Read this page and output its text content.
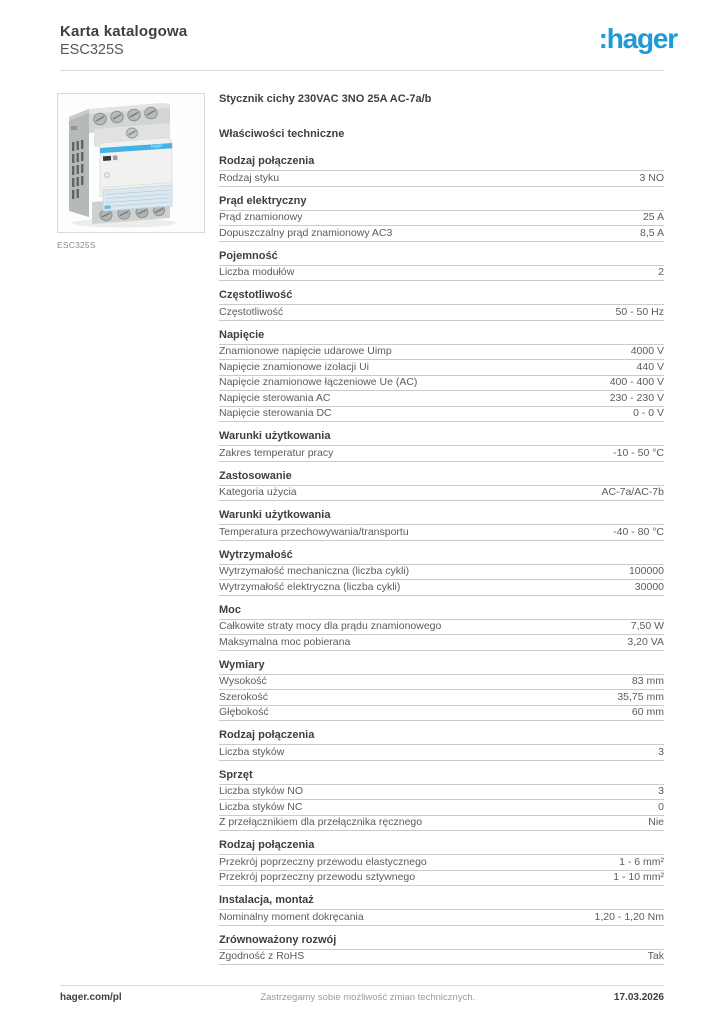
Karta katalogowa
ESC325S	:hager
hager
ESC325S
Stycznik cichy 230VAC 3NO 25A AC-7a/b
Właściwości techniczne
Rodzaj połączenia
Rodzaj styku	3 NO
Prąd elektryczny
Prąd znamionowy	25 A
Dopuszczalny prąd znamionowy AC3	8,5 A
Pojemność
Liczba modułów	2
Częstotliwość
Częstotliwość	50 - 50 Hz
Napięcie
Znamionowe napięcie udarowe Uimp	4000 V
Napięcie znamionowe izolacji Ui	440 V
Napięcie znamionowe łączeniowe Ue (AC)	400 - 400 V
Napięcie sterowania AC	230 - 230 V
Napięcie sterowania DC	0 - 0 V
Warunki użytkowania
Zakres temperatur pracy	-10 - 50 °C
Zastosowanie
Kategoria użycia	AC-7a/AC-7b
Warunki użytkowania
Temperatura przechowywania/transportu	-40 - 80 °C
Wytrzymałość
Wytrzymałość mechaniczna (liczba cykli)	100000
Wytrzymałość elektryczna (liczba cykli)	30000
Moc
Całkowite straty mocy dla prądu znamionowego	7,50 W
Maksymalna moc pobierana	3,20 VA
Wymiary
Wysokość	83 mm
Szerokość	35,75 mm
Głębokość	60 mm
Rodzaj połączenia
Liczba styków	3
Sprzęt
Liczba styków NO	3
Liczba styków NC	0
Z przełącznikiem dla przełącznika ręcznego	Nie
Rodzaj połączenia
Przekrój poprzeczny przewodu elastycznego	1 - 6 mm²
Przekrój poprzeczny przewodu sztywnego	1 - 10 mm²
Instalacja, montaż
Nominalny moment dokręcania	1,20 - 1,20 Nm
Zrównoważony rozwój
Zgodność z RoHS	Tak
hager.com/pl	Zastrzegamy sobie możliwość zmian technicznych.	17.03.2026
